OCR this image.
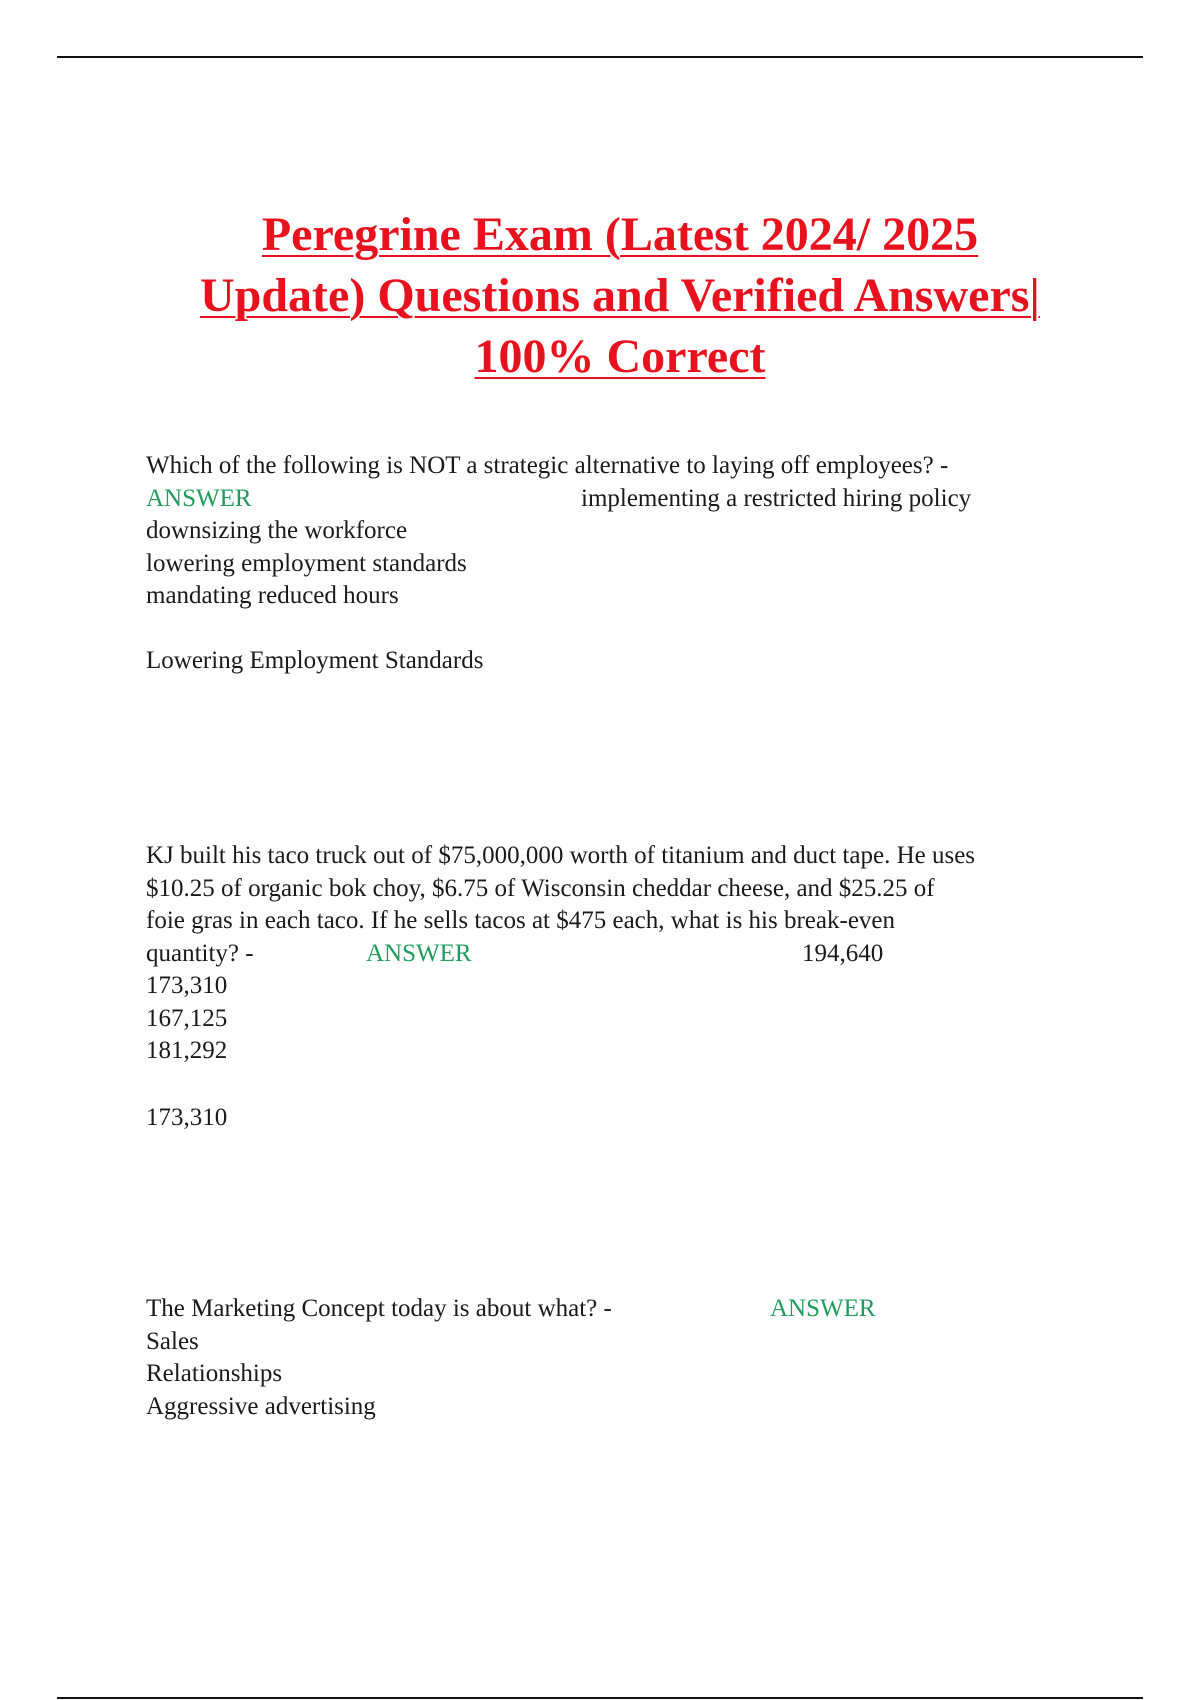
Peregrine Exam (Latest 2024/ 2025
Update) Questions and Verified Answers|
100% Correct
Which of the following is NOT a strategic alternative to laying off employees? -
ANSWER	implementing a restricted hiring policy
downsizing the workforce
lowering employment standards
mandating reduced hours
Lowering Employment Standards
KJ built his taco truck out of $75,000,000 worth of titanium and duct tape. He uses
$10.25 of organic bok choy, $6.75 of Wisconsin cheddar cheese, and $25.25 of
foie gras in each taco. If he sells tacos at $475 each, what is his break-even
quantity? -	ANSWER	194,640
173,310
167,125
181,292
173,310
The Marketing Concept today is about what? -	ANSWER
Sales
Relationships
Aggressive advertising
